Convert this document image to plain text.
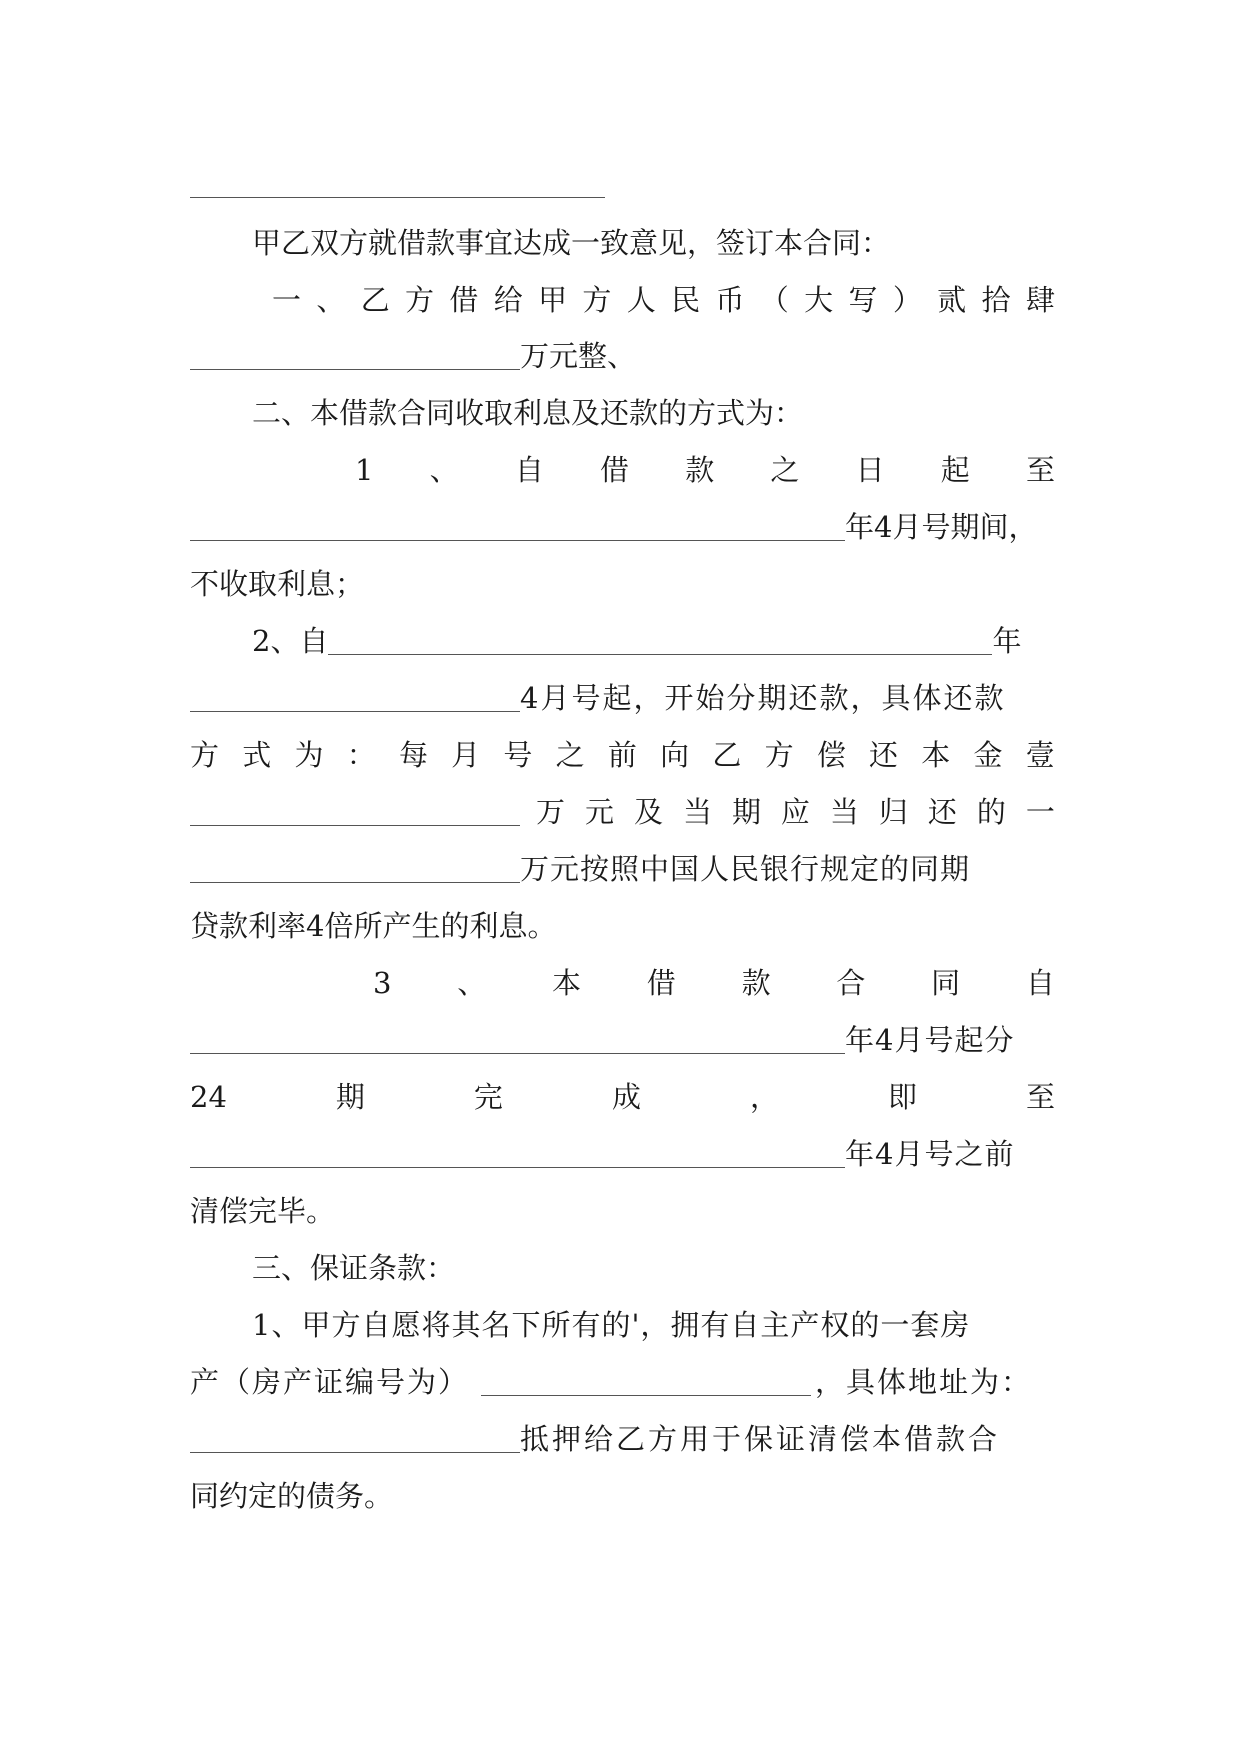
甲乙双方就借款事宜达成一致意见，签订本合同：
一 、 乙 方 借 给 甲 方 人 民 币 （ 大 写 ） 贰 拾 肆
万元整、
二、本借款合同收取利息及还款的方式为：
1 、 自 借 款 之 日 起 至
年4月号期间，
不收取利息；
2、自	年
4月号起，开始分期还款，具体还款
方 式 为 ： 每 月 号 之 前 向 乙 方 偿 还 本 金 壹
万 元 及 当 期 应 当 归 还 的 一
万元按照中国人民银行规定的同期
贷款利率4倍所产生的利息。
3 、 本 借 款 合 同 自
年4月号起分
24	期	完	成	，	即	至
年4月号之前
清偿完毕。
三、保证条款：
1、甲方自愿将其名下所有的'，拥有自主产权的一套房
产（房产证编号为）	，具体地址为：
抵押给乙方用于保证清偿本借款合
同约定的债务。
